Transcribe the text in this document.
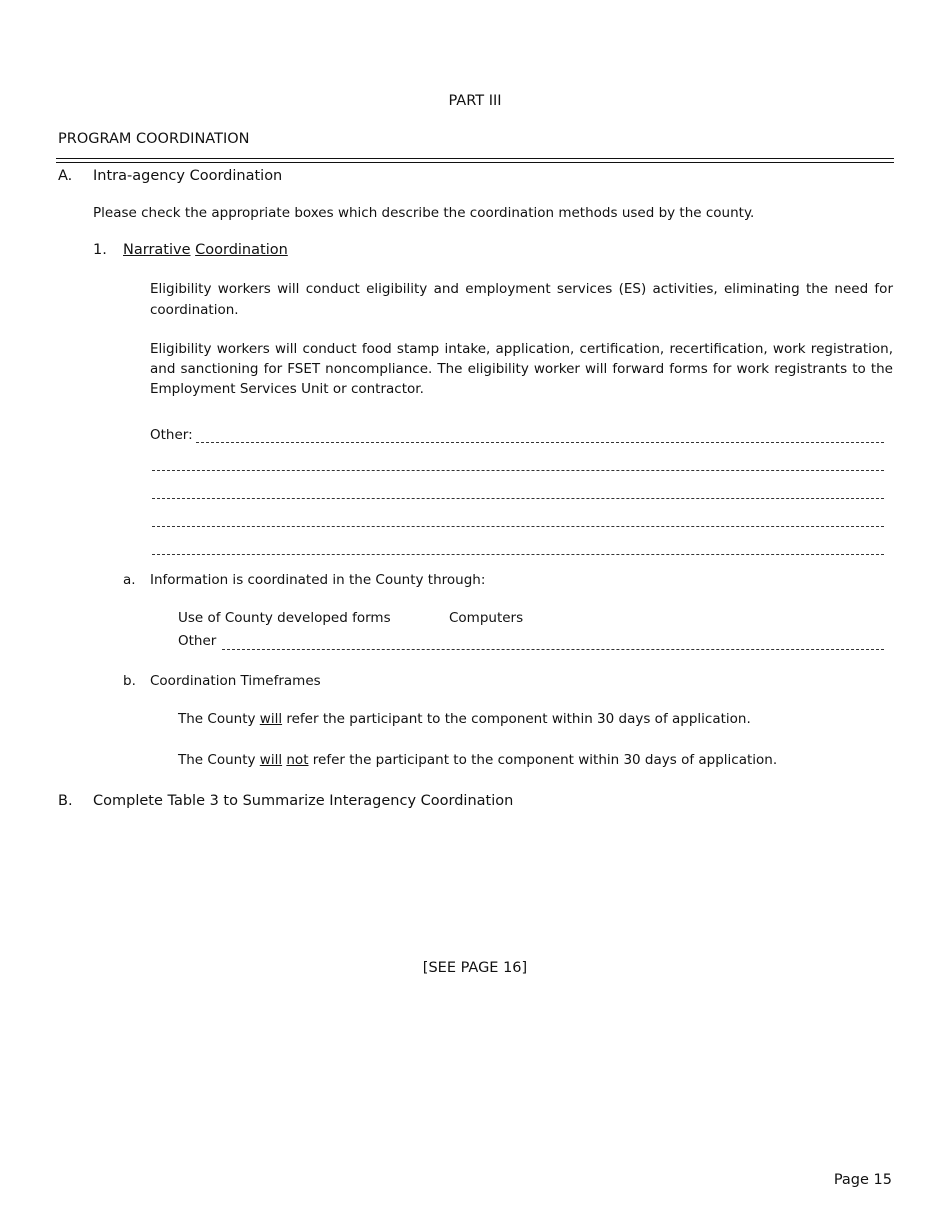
PART III
PROGRAM COORDINATION
A. Intra-agency Coordination
Please check the appropriate boxes which describe the coordination methods used by the county.
1. Narrative Coordination
Eligibility workers will conduct eligibility and employment services (ES) activities, eliminating the need for coordination.
Eligibility workers will conduct food stamp intake, application, certification, recertification, work registration, and sanctioning for FSET noncompliance. The eligibility worker will forward forms for work registrants to the Employment Services Unit or contractor.
Other:
a. Information is coordinated in the County through:
Use of County developed forms	Computers
Other
b. Coordination Timeframes
The County will refer the participant to the component within 30 days of application.
The County will not refer the participant to the component within 30 days of application.
B. Complete Table 3 to Summarize Interagency Coordination
[SEE PAGE 16]
Page 15
